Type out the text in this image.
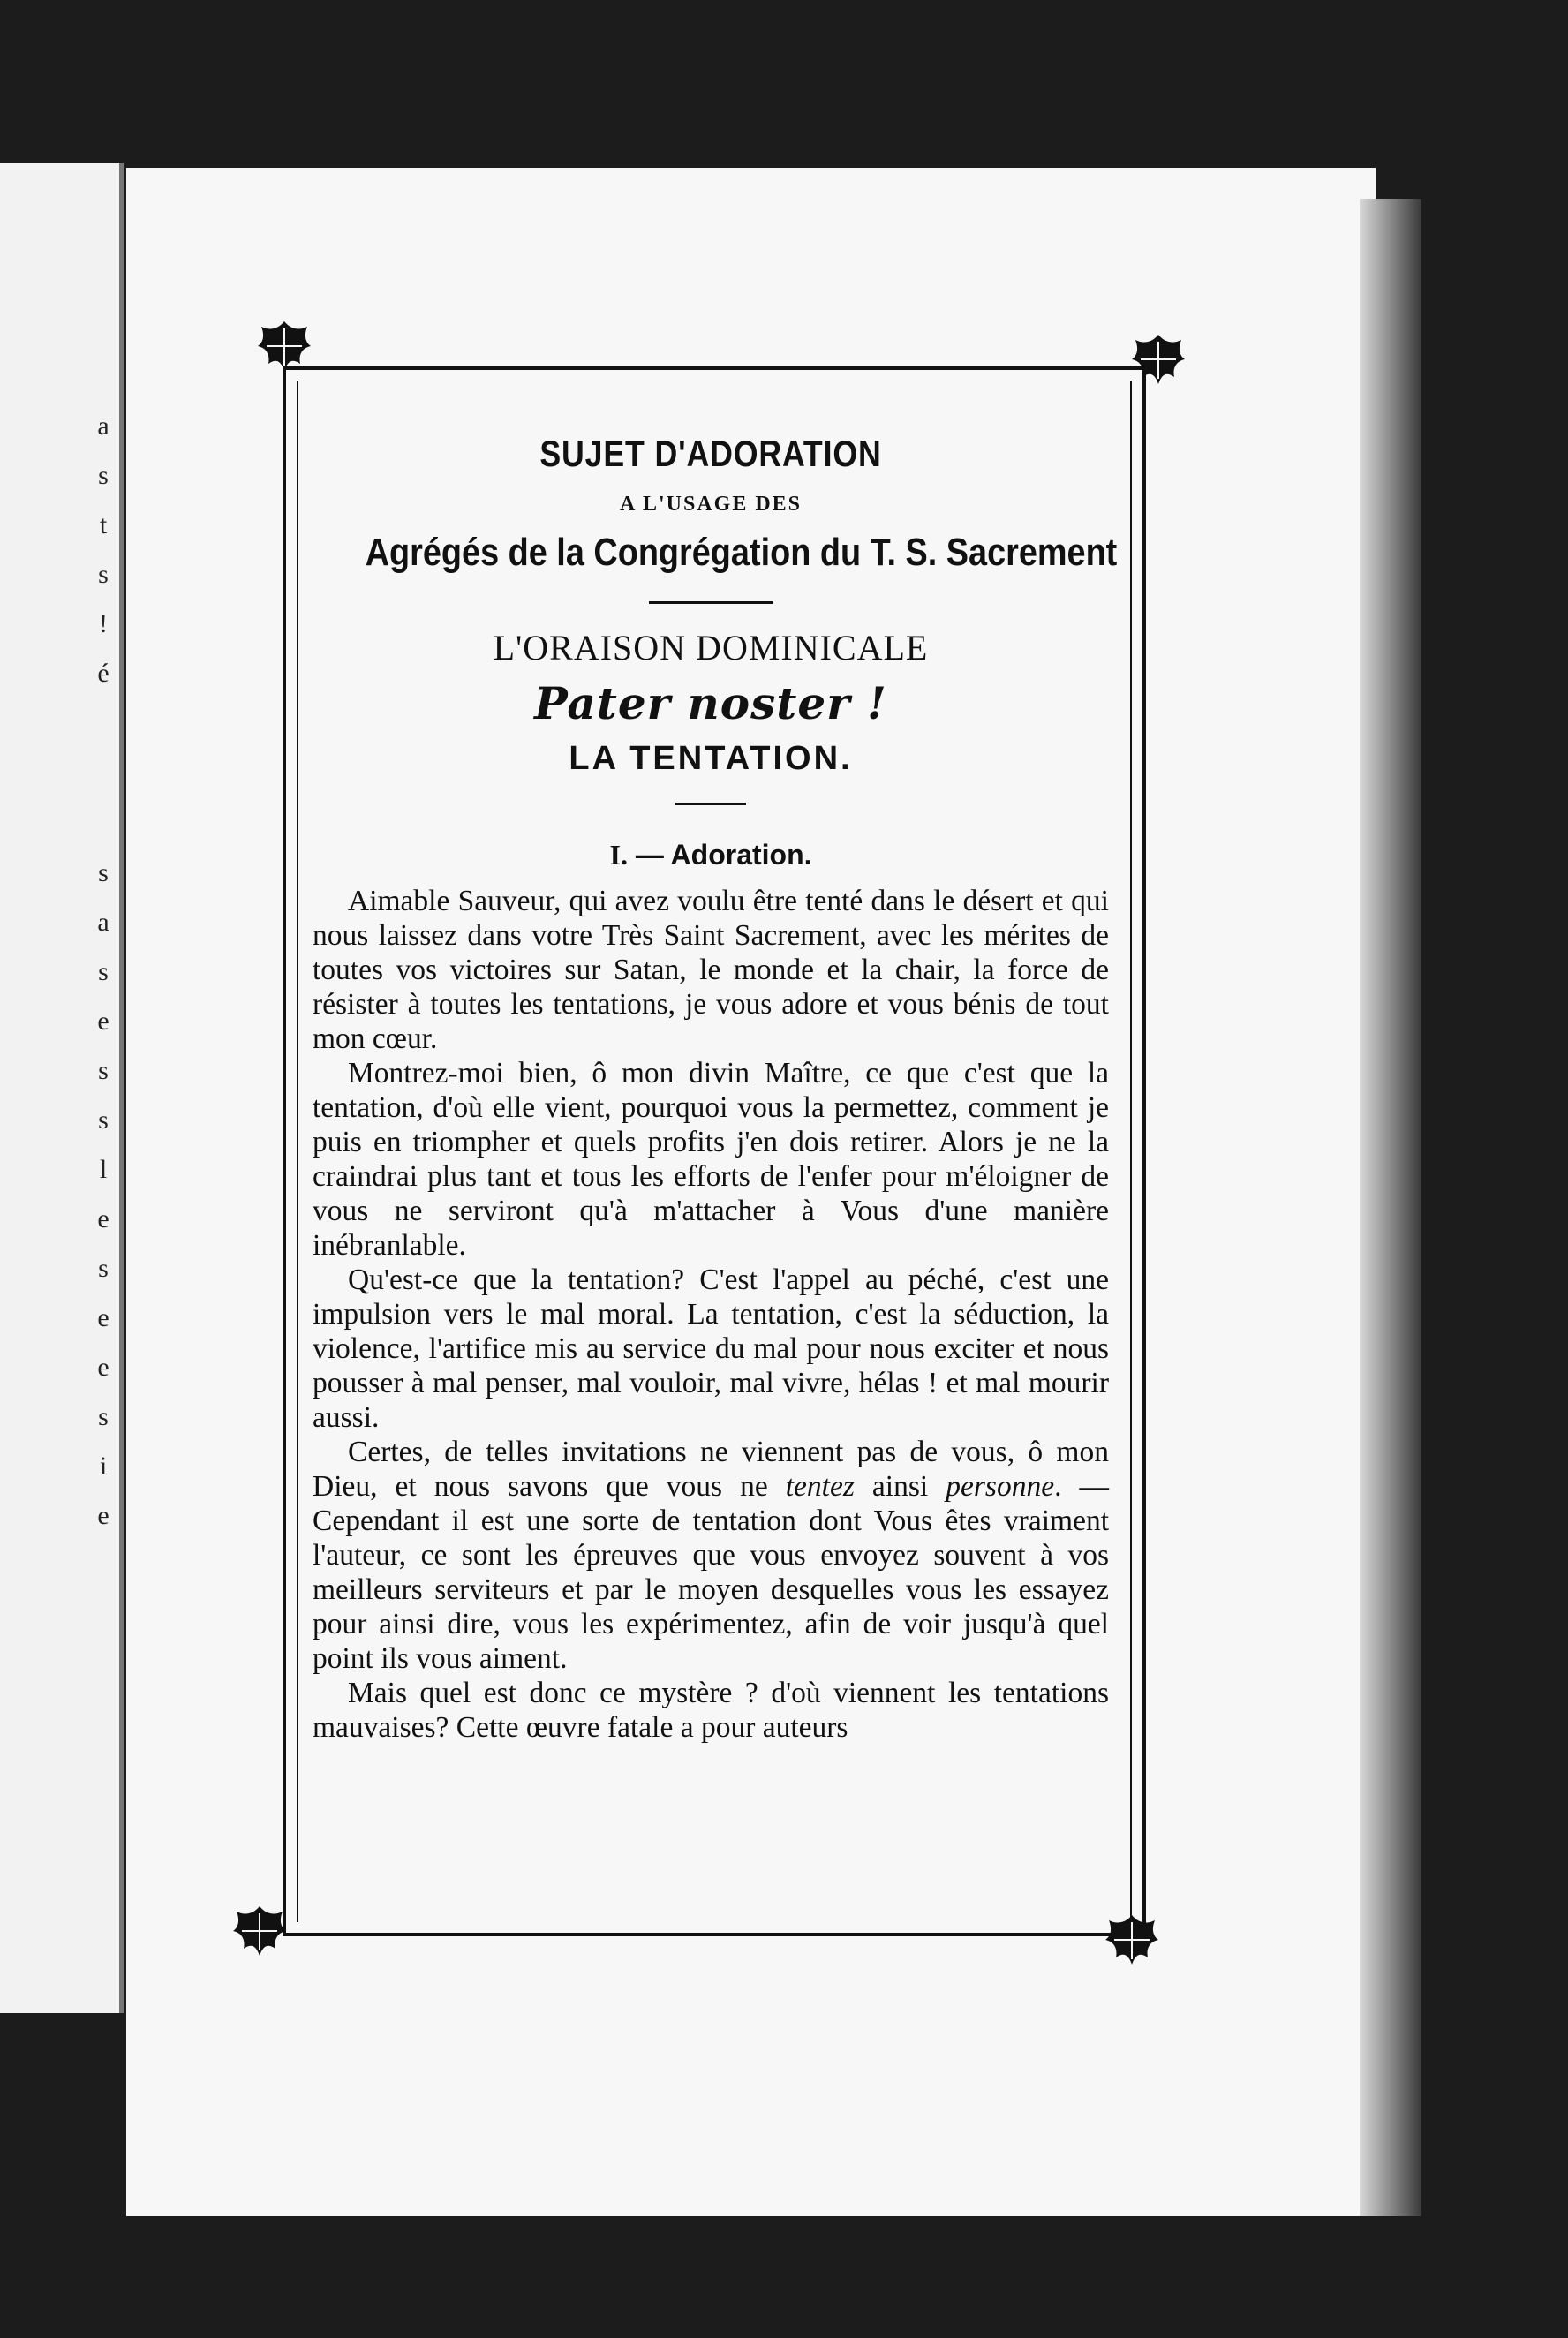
a
s
t
s
!
é
s
a
s
e
s
s
l
e
s
e
e
s
i
e
SUJET D'ADORATION
A L'USAGE DES
Agrégés de la Congrégation du T. S. Sacrement
L'ORAISON DOMINICALE
Pater noster !
LA TENTATION.
I. — Adoration.

Aimable Sauveur, qui avez voulu être tenté dans le désert et qui nous laissez dans votre Très Saint Sacrement, avec les mérites de toutes vos victoires sur Satan, le monde et la chair, la force de résister à toutes les tentations, je vous adore et vous bénis de tout mon cœur.

Montrez-moi bien, ô mon divin Maître, ce que c'est que la tentation, d'où elle vient, pourquoi vous la permettez, comment je puis en triompher et quels profits j'en dois retirer. Alors je ne la craindrai plus tant et tous les efforts de l'enfer pour m'éloigner de vous ne serviront qu'à m'attacher à Vous d'une manière inébranlable.

Qu'est-ce que la tentation? C'est l'appel au péché, c'est une impulsion vers le mal moral. La tentation, c'est la séduction, la violence, l'artifice mis au service du mal pour nous exciter et nous pousser à mal penser, mal vouloir, mal vivre, hélas ! et mal mourir aussi.

Certes, de telles invitations ne viennent pas de vous, ô mon Dieu, et nous savons que vous ne tentez ainsi personne. — Cependant il est une sorte de tentation dont Vous êtes vraiment l'auteur, ce sont les épreuves que vous envoyez souvent à vos meilleurs serviteurs et par le moyen desquelles vous les essayez pour ainsi dire, vous les expérimentez, afin de voir jusqu'à quel point ils vous aiment.

Mais quel est donc ce mystère ? d'où viennent les tentations mauvaises? Cette œuvre fatale a pour auteurs
